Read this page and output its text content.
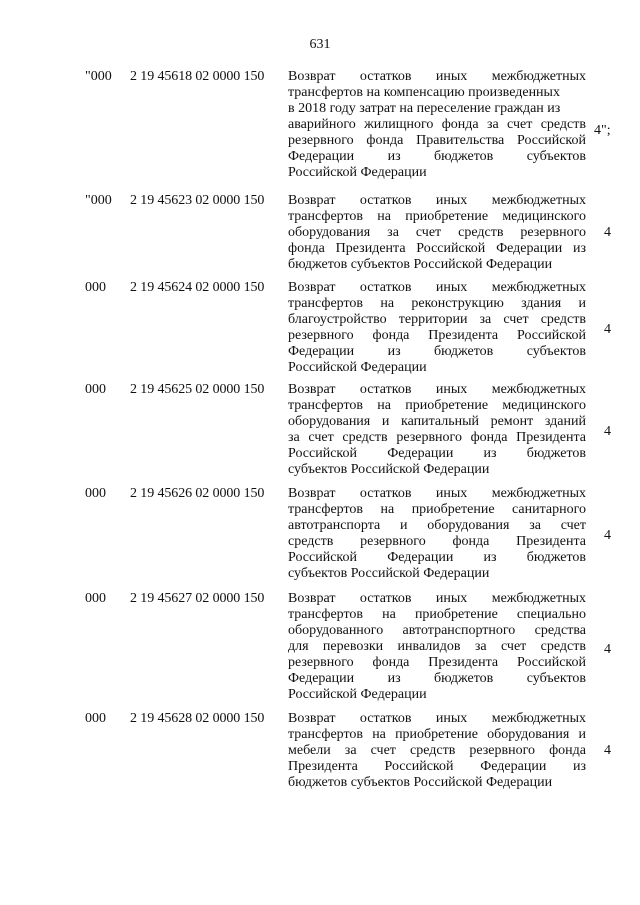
631
"000 2 19 45618 02 0000 150 Возврат остатков иных межбюджетных
трансфертов на компенсацию произведенных
в 2018 году затрат на переселение граждан из
аварийного жилищного фонда за счет средств
резервного фонда Правительства Российской
Федерации из бюджетов субъектов
Российской Федерации
4";
"000 2 19 45623 02 0000 150 Возврат остатков иных межбюджетных
трансфертов на приобретение медицинского
оборудования за счет средств резервного
фонда Президента Российской Федерации из
бюджетов субъектов Российской Федерации
4
000 2 19 45624 02 0000 150 Возврат остатков иных межбюджетных
трансфертов на реконструкцию здания и
благоустройство территории за счет средств
резервного фонда Президента Российской
Федерации из бюджетов субъектов
Российской Федерации
4
000 2 19 45625 02 0000 150 Возврат остатков иных межбюджетных
трансфертов на приобретение медицинского
оборудования и капитальный ремонт зданий
за счет средств резервного фонда Президента
Российской Федерации из бюджетов
субъектов Российской Федерации
4
000 2 19 45626 02 0000 150 Возврат остатков иных межбюджетных
трансфертов на приобретение санитарного
автотранспорта и оборудования за счет
средств резервного фонда Президента
Российской Федерации из бюджетов
субъектов Российской Федерации
4
000 2 19 45627 02 0000 150 Возврат остатков иных межбюджетных
трансфертов на приобретение специально
оборудованного автотранспортного средства
для перевозки инвалидов за счет средств
резервного фонда Президента Российской
Федерации из бюджетов субъектов
Российской Федерации
4
000 2 19 45628 02 0000 150 Возврат остатков иных межбюджетных
трансфертов на приобретение оборудования и
мебели за счет средств резервного фонда
Президента Российской Федерации из
бюджетов субъектов Российской Федерации
4
